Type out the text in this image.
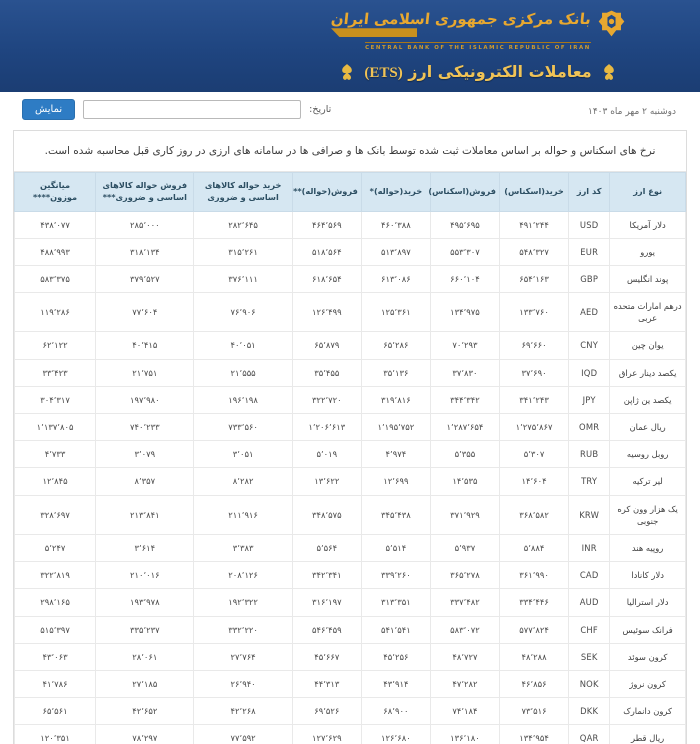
بانک مرکزی جمهوری اسلامی ایران
CENTRAL BANK OF THE ISLAMIC REPUBLIC OF IRAN
معاملات الکترونیکی ارز (ETS)
تاریخ:
نمایش	دوشنبه ۲ مهر ماه ۱۴۰۳
نرخ های اسکناس و حواله بر اساس معاملات ثبت شده توسط بانک ها و صرافی ها در سامانه های ارزی در روز کاری قبل محاسبه شده است.
نوع ارز	کد ارز	خرید(اسکناس)	فروش(اسکناس)	خرید(حواله)*	فروش(حواله)**	خرید حواله کالاهای اساسی و ضروری	فروش حواله کالاهای اساسی و ضروری***	میانگین موزون****
دلار آمریکا	USD	۴۹۱٬۲۴۴	۴۹۵٬۶۹۵	۴۶۰٬۳۸۸	۴۶۴٬۵۶۹	۲۸۲٬۶۴۵	۲۸۵٬۰۰۰	۴۳۸٬۰۷۷
یورو	EUR	۵۴۸٬۳۲۷	۵۵۳٬۳۰۷	۵۱۳٬۸۹۷	۵۱۸٬۵۶۴	۳۱۵٬۲۶۱	۳۱۸٬۱۳۴	۴۸۸٬۹۹۳
پوند انگلیس	GBP	۶۵۴٬۱۶۳	۶۶۰٬۱۰۴	۶۱۳٬۰۸۶	۶۱۸٬۶۵۴	۳۷۶٬۱۱۱	۳۷۹٬۵۲۷	۵۸۳٬۳۷۵
درهم امارات متحده عربی	AED	۱۳۳٬۷۶۰	۱۳۴٬۹۷۵	۱۲۵٬۳۶۱	۱۲۶٬۴۹۹	۷۶٬۹۰۶	۷۷٬۶۰۴	۱۱۹٬۲۸۶
یوان چین	CNY	۶۹٬۶۶۰	۷۰٬۲۹۳	۶۵٬۲۸۶	۶۵٬۸۷۹	۴۰٬۰۵۱	۴۰٬۴۱۵	۶۲٬۱۲۲
یکصد دینار عراق	IQD	۳۷٬۶۹۰	۳۷٬۸۳۰	۳۵٬۱۳۶	۳۵٬۴۵۵	۲۱٬۵۵۵	۲۱٬۷۵۱	۳۳٬۴۲۳
یکصد ین ژاپن	JPY	۳۴۱٬۲۴۳	۳۴۴٬۳۴۲	۳۱۹٬۸۱۶	۳۲۲٬۷۲۰	۱۹۶٬۱۹۸	۱۹۷٬۹۸۰	۳۰۴٬۳۱۷
ریال عمان	OMR	۱٬۲۷۵٬۸۶۷	۱٬۲۸۷٬۶۵۴	۱٬۱۹۵٬۷۵۲	۱٬۲۰۶٬۶۱۳	۷۳۳٬۵۶۰	۷۴۰٬۲۳۳	۱٬۱۳۷٬۸۰۵
روبل روسیه	RUB	۵٬۳۰۷	۵٬۳۵۵	۴٬۹۷۴	۵٬۰۱۹	۳٬۰۵۱	۳٬۰۷۹	۴٬۷۳۳
لیر ترکیه	TRY	۱۴٬۶۰۴	۱۴٬۵۳۵	۱۲٬۶۹۹	۱۳٬۶۲۲	۸٬۲۸۲	۸٬۳۵۷	۱۲٬۸۴۵
یک هزار وون کره جنوبی	KRW	۳۶۸٬۵۸۲	۳۷۱٬۹۲۹	۳۴۵٬۴۳۸	۳۴۸٬۵۷۵	۲۱۱٬۹۱۶	۲۱۳٬۸۴۱	۳۲۸٬۶۹۷
روپیه هند	INR	۵٬۸۸۴	۵٬۹۳۷	۵٬۵۱۴	۵٬۵۶۴	۳٬۳۸۳	۳٬۶۱۴	۵٬۲۴۷
دلار کانادا	CAD	۳۶۱٬۹۹۰	۳۶۵٬۲۷۸	۳۳۹٬۲۶۰	۳۴۲٬۳۴۱	۲۰۸٬۱۲۶	۲۱۰٬۰۱۶	۳۲۲٬۸۱۹
دلار استرالیا	AUD	۳۳۴٬۴۴۶	۳۳۷٬۴۸۲	۳۱۳٬۳۵۱	۳۱۶٬۱۹۷	۱۹۲٬۳۲۲	۱۹۳٬۹۷۸	۲۹۸٬۱۶۵
فرانک سوئیس	CHF	۵۷۷٬۸۲۴	۵۸۳٬۰۷۲	۵۴۱٬۵۴۱	۵۴۶٬۴۵۹	۳۳۲٬۲۲۰	۳۳۵٬۲۳۷	۵۱۵٬۳۹۷
کرون سوئد	SEK	۴۸٬۲۸۸	۴۸٬۷۲۷	۴۵٬۲۵۶	۴۵٬۶۶۷	۲۷٬۷۶۴	۲۸٬۰۶۱	۴۳٬۰۶۳
کرون نروژ	NOK	۴۶٬۸۵۶	۴۷٬۲۸۲	۴۳٬۹۱۴	۴۴٬۳۱۳	۲۶٬۹۴۰	۲۷٬۱۸۵	۴۱٬۷۸۶
کرون دانمارک	DKK	۷۳٬۵۱۶	۷۴٬۱۸۴	۶۸٬۹۰۰	۶۹٬۵۲۶	۴۲٬۲۶۸	۴۲٬۶۵۲	۶۵٬۵۶۱
ریال قطر	QAR	۱۳۴٬۹۵۴	۱۳۶٬۱۸۰	۱۲۶٬۶۸۰	۱۲۷٬۶۲۹	۷۷٬۵۹۲	۷۸٬۲۹۷	۱۲۰٬۳۵۱
